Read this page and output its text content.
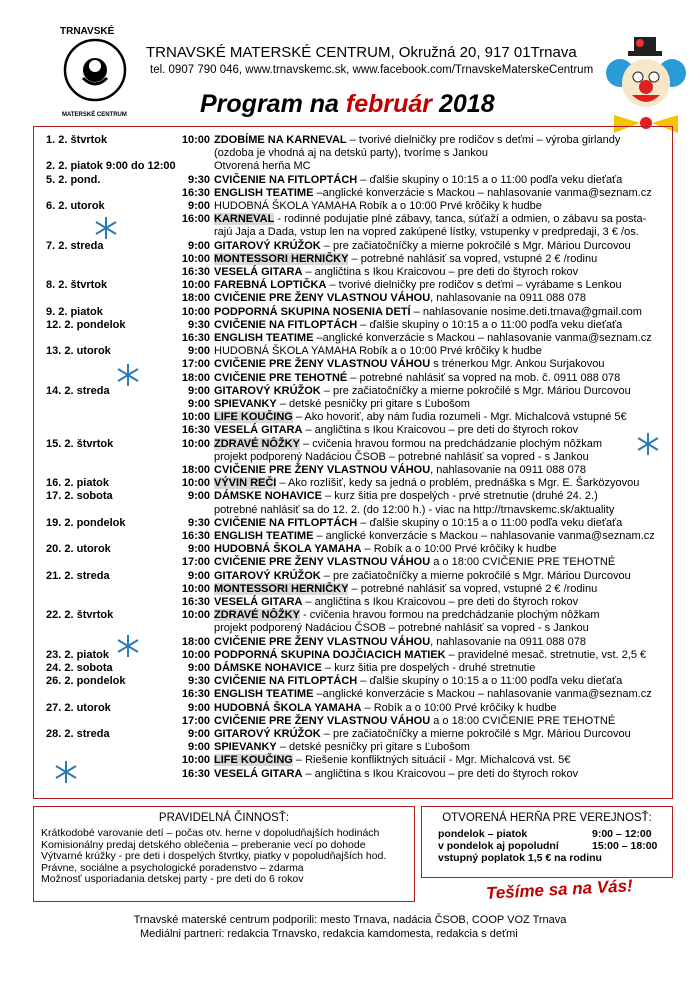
TRNAVSKÉ
MATERSKÉ CENTRUM
TRNAVSKÉ MATERSKÉ CENTRUM, Okružná 20, 917 01Trnava
tel. 0907 790 046, www.trnavskemc.sk, www.facebook.com/TrnavskeMaterskeCentrum
Program na február 2018
1. 2. štvrtok	10:00 ZDOBÍME NA KARNEVAL – tvorivé dielničky pre rodičov s deťmi – výroba girlandy
(ozdoba je vhodná aj na detskú party), tvoríme s Jankou
2. 2. piatok 9:00 do 12:00	Otvorená herňa MC
5. 2. pond.	9:30 CVIČENIE NA FITLOPTÁCH – ďalšie skupiny o 10:15 a o 11:00 podľa veku dieťaťa
16:30 ENGLISH TEATIME –anglické konverzácie s Mackou – nahlasovanie vanma@seznam.cz
6. 2. utorok	9:00 HUDOBNÁ ŠKOLA YAMAHA Robík a o 10:00 Prvé krôčiky k hudbe
16:00 KARNEVAL - rodinné podujatie plné zábavy, tanca, súťaží a odmien, o zábavu sa posta-
rajú Jaja a Dada, vstup len na vopred zakúpené lístky, vstupenky v predpredaji, 3 € /os.
7. 2. streda	9:00 GITAROVÝ KRÚŽOK – pre začiatočníčky a mierne pokročilé s Mgr. Máriou Durcovou
10:00 MONTESSORI HERNIČKY – potrebné nahlásiť sa vopred, vstupné 2 € /rodinu
16:30 VESELÁ GITARA – angličtina s Ikou Kraicovou – pre deti do štyroch rokov
8. 2. štvrtok	10:00 FAREBNÁ LOPTIČKA – tvorivé dielničky pre rodičov s deťmi – vyrábame s Lenkou
18:00 CVIČENIE PRE ŽENY VLASTNOU VÁHOU, nahlasovanie na 0911 088 078
9. 2. piatok	10:00 PODPORNÁ SKUPINA NOSENIA DETÍ – nahlasovanie nosime.deti.trnava@gmail.com
12. 2. pondelok	9:30 CVIČENIE NA FITLOPTÁCH – ďalšie skupiny o 10:15 a o 11:00 podľa veku dieťaťa
16:30 ENGLISH TEATIME –anglické konverzácie s Mackou – nahlasovanie vanma@seznam.cz
13. 2. utorok	9:00 HUDOBNÁ ŠKOLA YAMAHA Robík a o 10:00 Prvé krôčiky k hudbe
17:00 CVIČENIE PRE ŽENY VLASTNOU VÁHOU s trénerkou Mgr. Ankou Surjakovou
18:00 CVIČENIE PRE TEHOTNÉ – potrebné nahlásiť sa vopred na mob. č. 0911 088 078
14. 2. streda	9:00 GITAROVÝ KRÚŽOK – pre začiatočníčky a mierne pokročilé s Mgr. Máriou Durcovou
9:00 SPIEVANKY – detské pesničky pri gitare s Ľubošom
10:00 LIFE KOUČING – Ako hovoriť, aby nám ľudia rozumeli - Mgr. Michalcová vstupné 5€
16:30 VESELÁ GITARA – angličtina s Ikou Kraicovou – pre deti do štyroch rokov
15. 2. štvrtok	10:00 ZDRAVÉ NÔŽKY – cvičenia hravou formou na predchádzanie plochým nôžkam
projekt podporený Nadáciou ČSOB – potrebné nahlásiť sa vopred - s Jankou
18:00 CVIČENIE PRE ŽENY VLASTNOU VÁHOU, nahlasovanie na 0911 088 078
16. 2. piatok	10:00 VÝVIN REČI – Ako rozlíšiť, kedy sa jedná o problém, prednáška s Mgr. E. Šarközyovou
17. 2. sobota	9:00 DÁMSKE NOHAVICE – kurz šitia pre dospelých - prvé stretnutie (druhé 24. 2.)
potrebné nahlásiť sa do 12. 2. (do 12:00 h.) - viac na http://trnavskemc.sk/aktuality
19. 2. pondelok	9:30 CVIČENIE NA FITLOPTÁCH – ďalšie skupiny o 10:15 a o 11:00 podľa veku dieťaťa
16:30 ENGLISH TEATIME – anglické konverzácie s Mackou – nahlasovanie vanma@seznam.cz
20. 2. utorok	9:00 HUDOBNÁ ŠKOLA YAMAHA – Robík a o 10:00 Prvé krôčiky k hudbe
17:00 CVIČENIE PRE ŽENY VLASTNOU VÁHOU a o 18:00 CVIČENIE PRE TEHOTNÉ
21. 2. streda	9:00 GITAROVÝ KRÚŽOK – pre začiatočníčky a mierne pokročilé s Mgr. Máriou Durcovou
10:00 MONTESSORI HERNIČKY – potrebné nahlásiť sa vopred, vstupné 2 € /rodinu
16:30 VESELÁ GITARA – angličtina s Ikou Kraicovou – pre deti do štyroch rokov
22. 2. štvrtok	10:00 ZDRAVÉ NÔŽKY - cvičenia hravou formou na predchádzanie plochým nôžkam
projekt podporený Nadáciou ČSOB – potrebné nahlásiť sa vopred - s Jankou
18:00 CVIČENIE PRE ŽENY VLASTNOU VÁHOU, nahlasovanie na 0911 088 078
23. 2. piatok	10:00 PODPORNÁ SKUPINA DOJČIACICH MATIEK – pravidelné mesač. stretnutie, vst. 2,5 €
24. 2. sobota	9:00 DÁMSKE NOHAVICE – kurz šitia pre dospelých - druhé stretnutie
26. 2. pondelok	9:30 CVIČENIE NA FITLOPTÁCH – ďalšie skupiny o 10:15 a o 11:00 podľa veku dieťaťa
16:30 ENGLISH TEATIME –anglické konverzácie s Mackou – nahlasovanie vanma@seznam.cz
27. 2. utorok	9:00 HUDOBNÁ ŠKOLA YAMAHA – Robík a o 10:00 Prvé krôčiky k hudbe
17:00 CVIČENIE PRE ŽENY VLASTNOU VÁHOU a o 18:00 CVIČENIE PRE TEHOTNÉ
28. 2. streda	9:00 GITAROVÝ KRÚŽOK – pre začiatočníčky a mierne pokročilé s Mgr. Máriou Durcovou
9:00 SPIEVANKY – detské pesničky pri gitare s Ľubošom
10:00 LIFE KOUČING – Riešenie konfliktných situácií - Mgr. Michalcová vst. 5€
16:30 VESELÁ GITARA – angličtina s Ikou Kraicovou – pre deti do štyroch rokov
PRAVIDELNÁ ČINNOSŤ:
Krátkodobé varovanie detí – počas otv. herne v dopoludňajších hodinách
Komisionálny predaj detského oblečenia – preberanie vecí po dohode
Výtvarné krúžky - pre deti i dospelých štvrtky, piatky v popoludňajších hod.
Právne, sociálne a psychologické poradenstvo – zdarma
Možnosť usporiadania detskej party - pre deti do 6 rokov
OTVORENÁ HERŇA PRE VEREJNOSŤ:
pondelok – piatok	9:00 – 12:00
v pondelok aj popoludní	15:00 – 18:00
vstupný poplatok 1,5 € na rodinu
Tešíme sa na Vás!
Trnavské materské centrum podporili: mesto Trnava, nadácia ČSOB, COOP VOZ Trnava
Mediálni partneri: redakcia Trnavsko, redakcia kamdomesta, redakcia s deťmi
